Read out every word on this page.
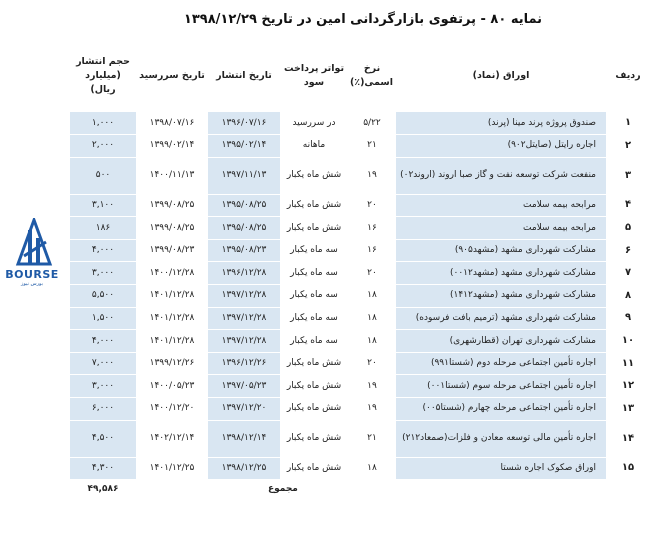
نمایه ۸۰ - پرتفوی بازارگردانی امین در تاریخ ۱۳۹۸/۱۲/۲۹
BOURSE
بورس نیوز
ردیف	اوراق (نماد)	نرخ اسمی(٪)	تواتر پرداخت سود	تاریخ انتشار	تاریخ سررسید	حجم انتشار (میلیارد ریال)
۱	صندوق پروژه پرند مینا (پرند)	۵/۲۲	در سررسید	۱۳۹۶/۰۷/۱۶	۱۳۹۸/۰۷/۱۶	۱,۰۰۰
۲	اجاره رایتل (صایتل۹۰۲)	۲۱	ماهانه	۱۳۹۵/۰۲/۱۴	۱۳۹۹/۰۲/۱۴	۲,۰۰۰
۳	منفعت شرکت توسعه نفت و گاز صبا اروند (اروند۰۲)	۱۹	شش ماه یکبار	۱۳۹۷/۱۱/۱۳	۱۴۰۰/۱۱/۱۳	۵۰۰
۴	مرابحه بیمه سلامت	۲۰	شش ماه یکبار	۱۳۹۵/۰۸/۲۵	۱۳۹۹/۰۸/۲۵	۳,۱۰۰
۵	مرابحه بیمه سلامت	۱۶	شش ماه یکبار	۱۳۹۵/۰۸/۲۵	۱۳۹۹/۰۸/۲۵	۱۸۶
۶	مشارکت شهرداری مشهد (مشهد۹۰۵)	۱۶	سه ماه یکبار	۱۳۹۵/۰۸/۲۳	۱۳۹۹/۰۸/۲۳	۴,۰۰۰
۷	مشارکت شهرداری مشهد (مشهد۰۰۱۲)	۲۰	سه ماه یکبار	۱۳۹۶/۱۲/۲۸	۱۴۰۰/۱۲/۲۸	۳,۰۰۰
۸	مشارکت شهرداری مشهد (مشهد۱۴۱۲)	۱۸	سه ماه یکبار	۱۳۹۷/۱۲/۲۸	۱۴۰۱/۱۲/۲۸	۵,۵۰۰
۹	مشارکت شهرداری مشهد (ترمیم بافت فرسوده)	۱۸	سه ماه یکبار	۱۳۹۷/۱۲/۲۸	۱۴۰۱/۱۲/۲۸	۱,۵۰۰
۱۰	مشارکت شهرداری تهران (قطارشهری)	۱۸	سه ماه یکبار	۱۳۹۷/۱۲/۲۸	۱۴۰۱/۱۲/۲۸	۴,۰۰۰
۱۱	اجاره تأمین اجتماعی مرحله دوم (شستا۹۹۱)	۲۰	شش ماه یکبار	۱۳۹۶/۱۲/۲۶	۱۳۹۹/۱۲/۲۶	۷,۰۰۰
۱۲	اجاره تأمین اجتماعی مرحله سوم (شستا۰۰۱)	۱۹	شش ماه یکبار	۱۳۹۷/۰۵/۲۳	۱۴۰۰/۰۵/۲۳	۳,۰۰۰
۱۳	اجاره تأمین اجتماعی مرحله چهارم (شستا۰۰۵)	۱۹	شش ماه یکبار	۱۳۹۷/۱۲/۲۰	۱۴۰۰/۱۲/۲۰	۶,۰۰۰
۱۴	اجاره تأمین مالی توسعه معادن و فلزات(صمعاد۲۱۲)	۲۱	شش ماه یکبار	۱۳۹۸/۱۲/۱۴	۱۴۰۲/۱۲/۱۴	۴,۵۰۰
۱۵	اوراق صکوک اجاره شستا	۱۸	شش ماه یکبار	۱۳۹۸/۱۲/۲۵	۱۴۰۱/۱۲/۲۵	۴,۳۰۰
	مجموع					۴۹,۵۸۶
